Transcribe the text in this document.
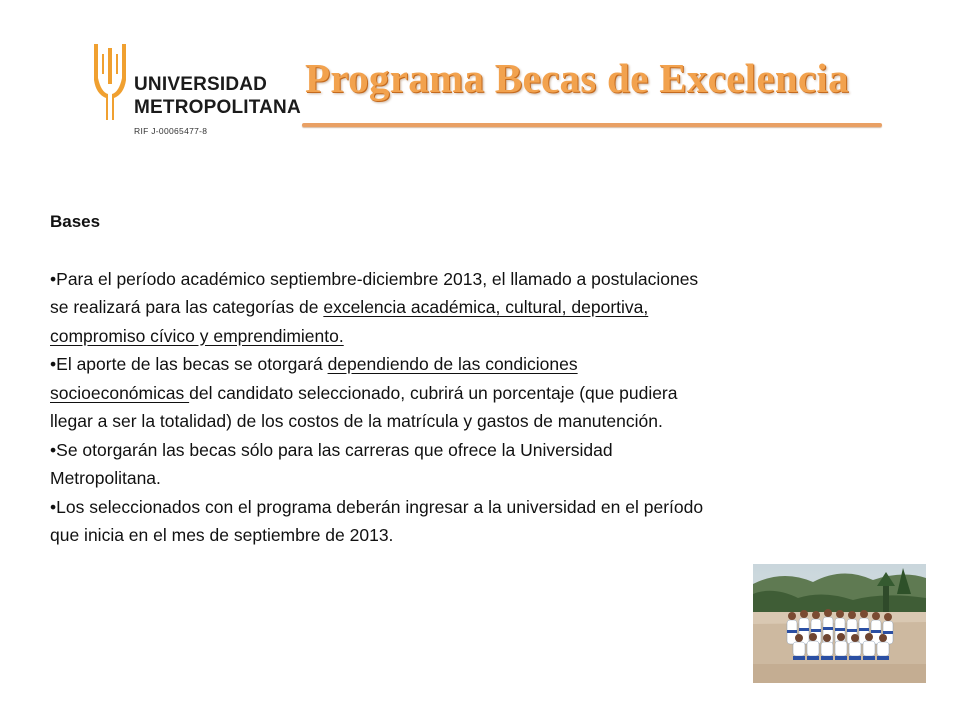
UNIVERSIDAD
METROPOLITANA
RIF J-00065477-8
Programa Becas de Excelencia

Bases

•Para el período académico septiembre-diciembre 2013, el llamado a postulaciones se realizará para las categorías de excelencia académica, cultural, deportiva, compromiso cívico y emprendimiento.

•El aporte de las becas se otorgará dependiendo de las condiciones socioeconómicas del candidato seleccionado, cubrirá un porcentaje (que pudiera llegar a ser la totalidad) de los costos de la matrícula y gastos de manutención.

•Se otorgarán las becas sólo para las carreras que ofrece la Universidad Metropolitana.

•Los seleccionados con el programa deberán ingresar a la universidad en el período que inicia en el mes de septiembre de 2013.
